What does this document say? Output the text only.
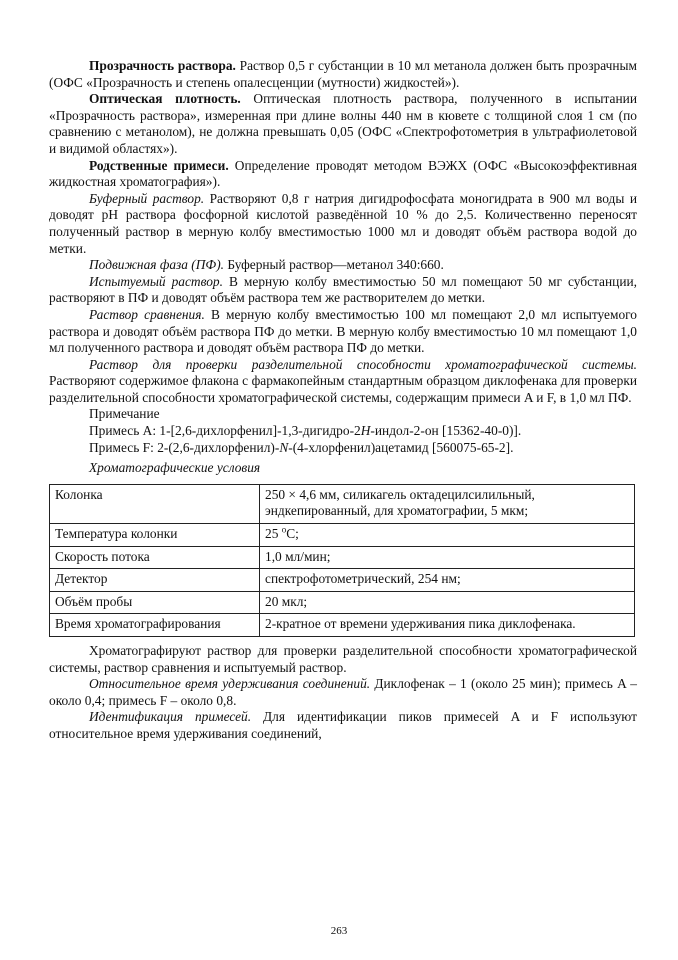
Прозрачность раствора. Раствор 0,5 г субстанции в 10 мл метанола должен быть прозрачным (ОФС «Прозрачность и степень опалесценции (мутности) жидкостей»).

Оптическая плотность. Оптическая плотность раствора, полученного в испытании «Прозрачность раствора», измеренная при длине волны 440 нм в кювете с толщиной слоя 1 см (по сравнению с метанолом), не должна превышать 0,05 (ОФС «Спектрофотометрия в ультрафиолетовой и видимой областях»).

Родственные примеси. Определение проводят методом ВЭЖХ (ОФС «Высокоэффективная жидкостная хроматография»).

Буферный раствор. Растворяют 0,8 г натрия дигидрофосфата моногидрата в 900 мл воды и доводят pH раствора фосфорной кислотой разведённой 10 % до 2,5. Количественно переносят полученный раствор в мерную колбу вместимостью 1000 мл и доводят объём раствора водой до метки.

Подвижная фаза (ПФ). Буферный раствор—метанол 340:660.

Испытуемый раствор. В мерную колбу вместимостью 50 мл помещают 50 мг субстанции, растворяют в ПФ и доводят объём раствора тем же растворителем до метки.

Раствор сравнения. В мерную колбу вместимостью 100 мл помещают 2,0 мл испытуемого раствора и доводят объём раствора ПФ до метки. В мерную колбу вместимостью 10 мл помещают 1,0 мл полученного раствора и доводят объём раствора ПФ до метки.

Раствор для проверки разделительной способности хроматографической системы. Растворяют содержимое флакона с фармакопейным стандартным образцом диклофенака для проверки разделительной способности хроматографической системы, содержащим примеси A и F, в 1,0 мл ПФ.

Примечание

Примесь A: 1-[2,6-дихлорфенил]-1,3-дигидро-2H-индол-2-он [15362-40-0)].

Примесь F: 2-(2,6-дихлорфенил)-N-(4-хлорфенил)ацетамид [560075-65-2].

Хроматографические условия

Колонка	250 × 4,6 мм, силикагель октадецилсилильный, эндкепированный, для хроматографии, 5 мкм;
Температура колонки	25 $^о$С;
Скорость потока	1,0 мл/мин;
Детектор	спектрофотометрический, 254 нм;
Объём пробы	20 мкл;
Время хроматографирования	2-кратное от времени удерживания пика диклофенака.

Хроматографируют раствор для проверки разделительной способности хроматографической системы, раствор сравнения и испытуемый раствор.

Относительное время удерживания соединений. Диклофенак – 1 (около 25 мин); примесь A – около 0,4; примесь F – около 0,8.

Идентификация примесей. Для идентификации пиков примесей A и F используют относительное время удерживания соединений,

263
